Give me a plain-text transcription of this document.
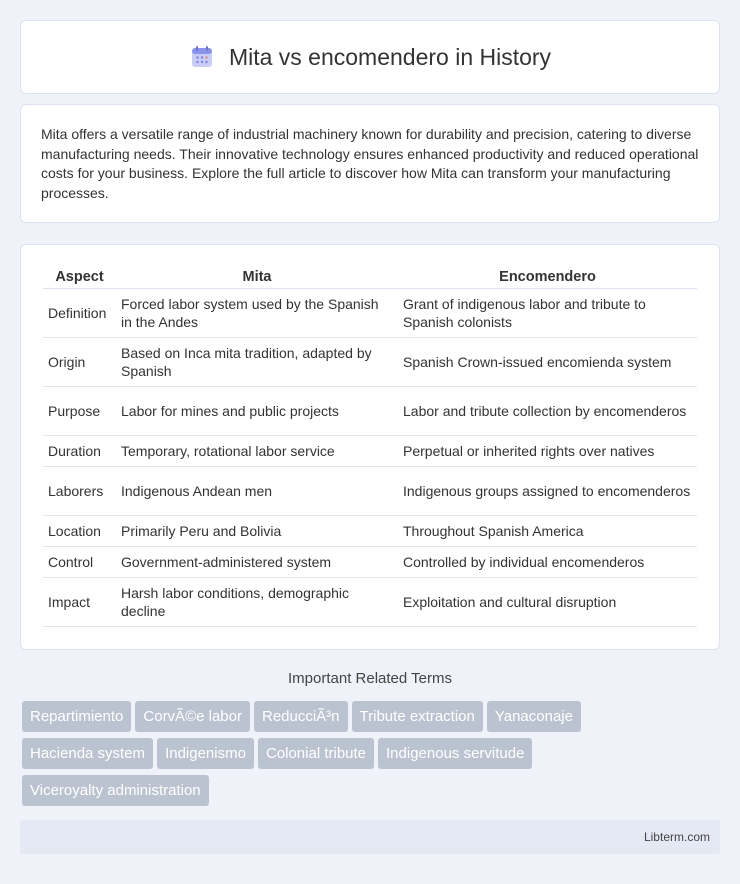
Mita vs encomendero in History

Mita offers a versatile range of industrial machinery known for durability and precision, catering to diverse manufacturing needs. Their innovative technology ensures enhanced productivity and reduced operational costs for your business. Explore the full article to discover how Mita can transform your manufacturing processes.

Aspect	Mita	Encomendero
Definition	Forced labor system used by the Spanish in the Andes	Grant of indigenous labor and tribute to Spanish colonists
Origin	Based on Inca mita tradition, adapted by Spanish	Spanish Crown-issued encomienda system
Purpose	Labor for mines and public projects	Labor and tribute collection by encomenderos
Duration	Temporary, rotational labor service	Perpetual or inherited rights over natives
Laborers	Indigenous Andean men	Indigenous groups assigned to encomenderos
Location	Primarily Peru and Bolivia	Throughout Spanish America
Control	Government-administered system	Controlled by individual encomenderos
Impact	Harsh labor conditions, demographic decline	Exploitation and cultural disruption
Important Related Terms
Repartimiento CorvÃ©e labor ReducciÃ³n Tribute extraction Yanaconaje
Hacienda system Indigenismo Colonial tribute Indigenous servitude
Viceroyalty administration
Libterm.com
